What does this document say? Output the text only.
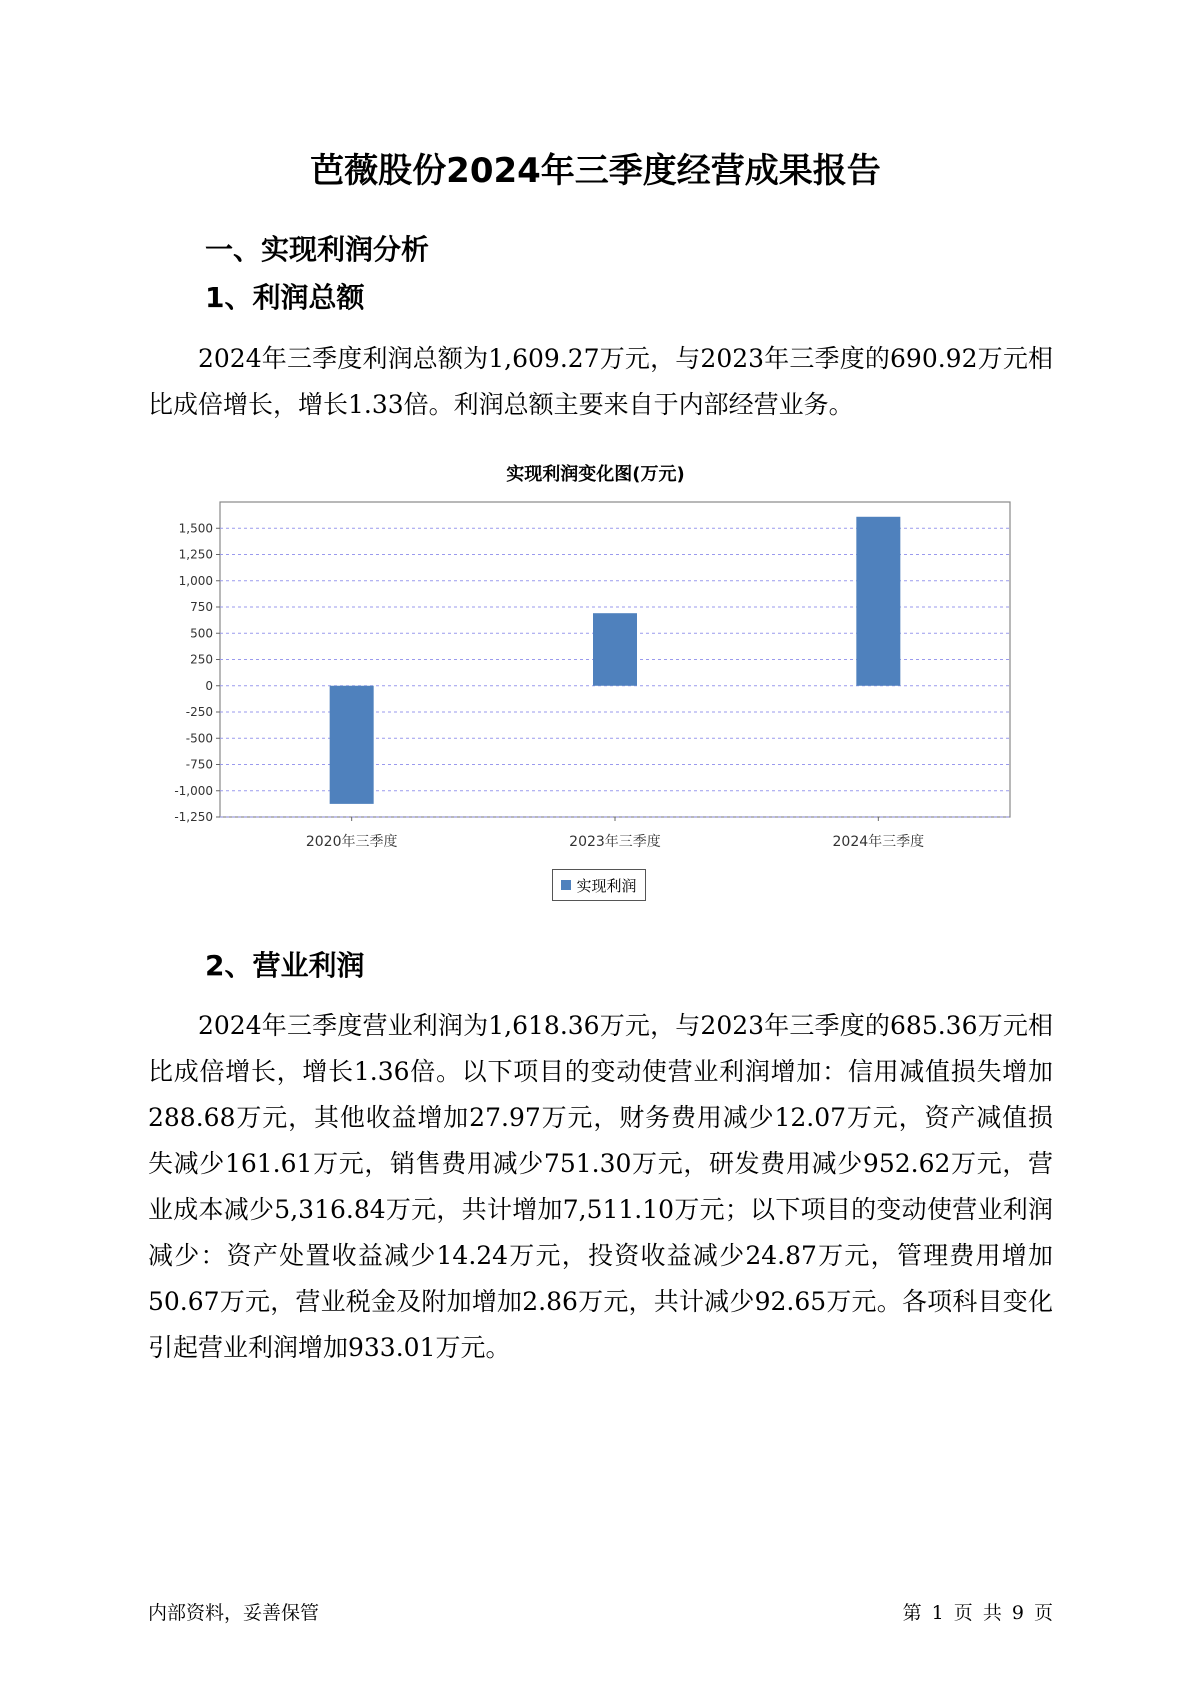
芭薇股份2024年三季度经营成果报告
一、实现利润分析
1、利润总额
2024年三季度利润总额为1,609.27万元，与2023年三季度的690.92万元相比成倍增长，增长1.33倍。利润总额主要来自于内部经营业务。
实现利润变化图(万元)
-1,250
-1,000
-750
-500
-250
0
250
500
750
1,000
1,250
1,500
2020年三季度	2023年三季度	2024年三季度
实现利润
2、营业利润
2024年三季度营业利润为1,618.36万元，与2023年三季度的685.36万元相比成倍增长，增长1.36倍。以下项目的变动使营业利润增加：信用减值损失增加288.68万元，其他收益增加27.97万元，财务费用减少12.07万元，资产减值损失减少161.61万元，销售费用减少751.30万元，研发费用减少952.62万元，营业成本减少5,316.84万元，共计增加7,511.10万元；以下项目的变动使营业利润减少：资产处置收益减少14.24万元，投资收益减少24.87万元，管理费用增加50.67万元，营业税金及附加增加2.86万元，共计减少92.65万元。各项科目变化引起营业利润增加933.01万元。
内部资料，妥善保管	第 1 页 共 9 页
